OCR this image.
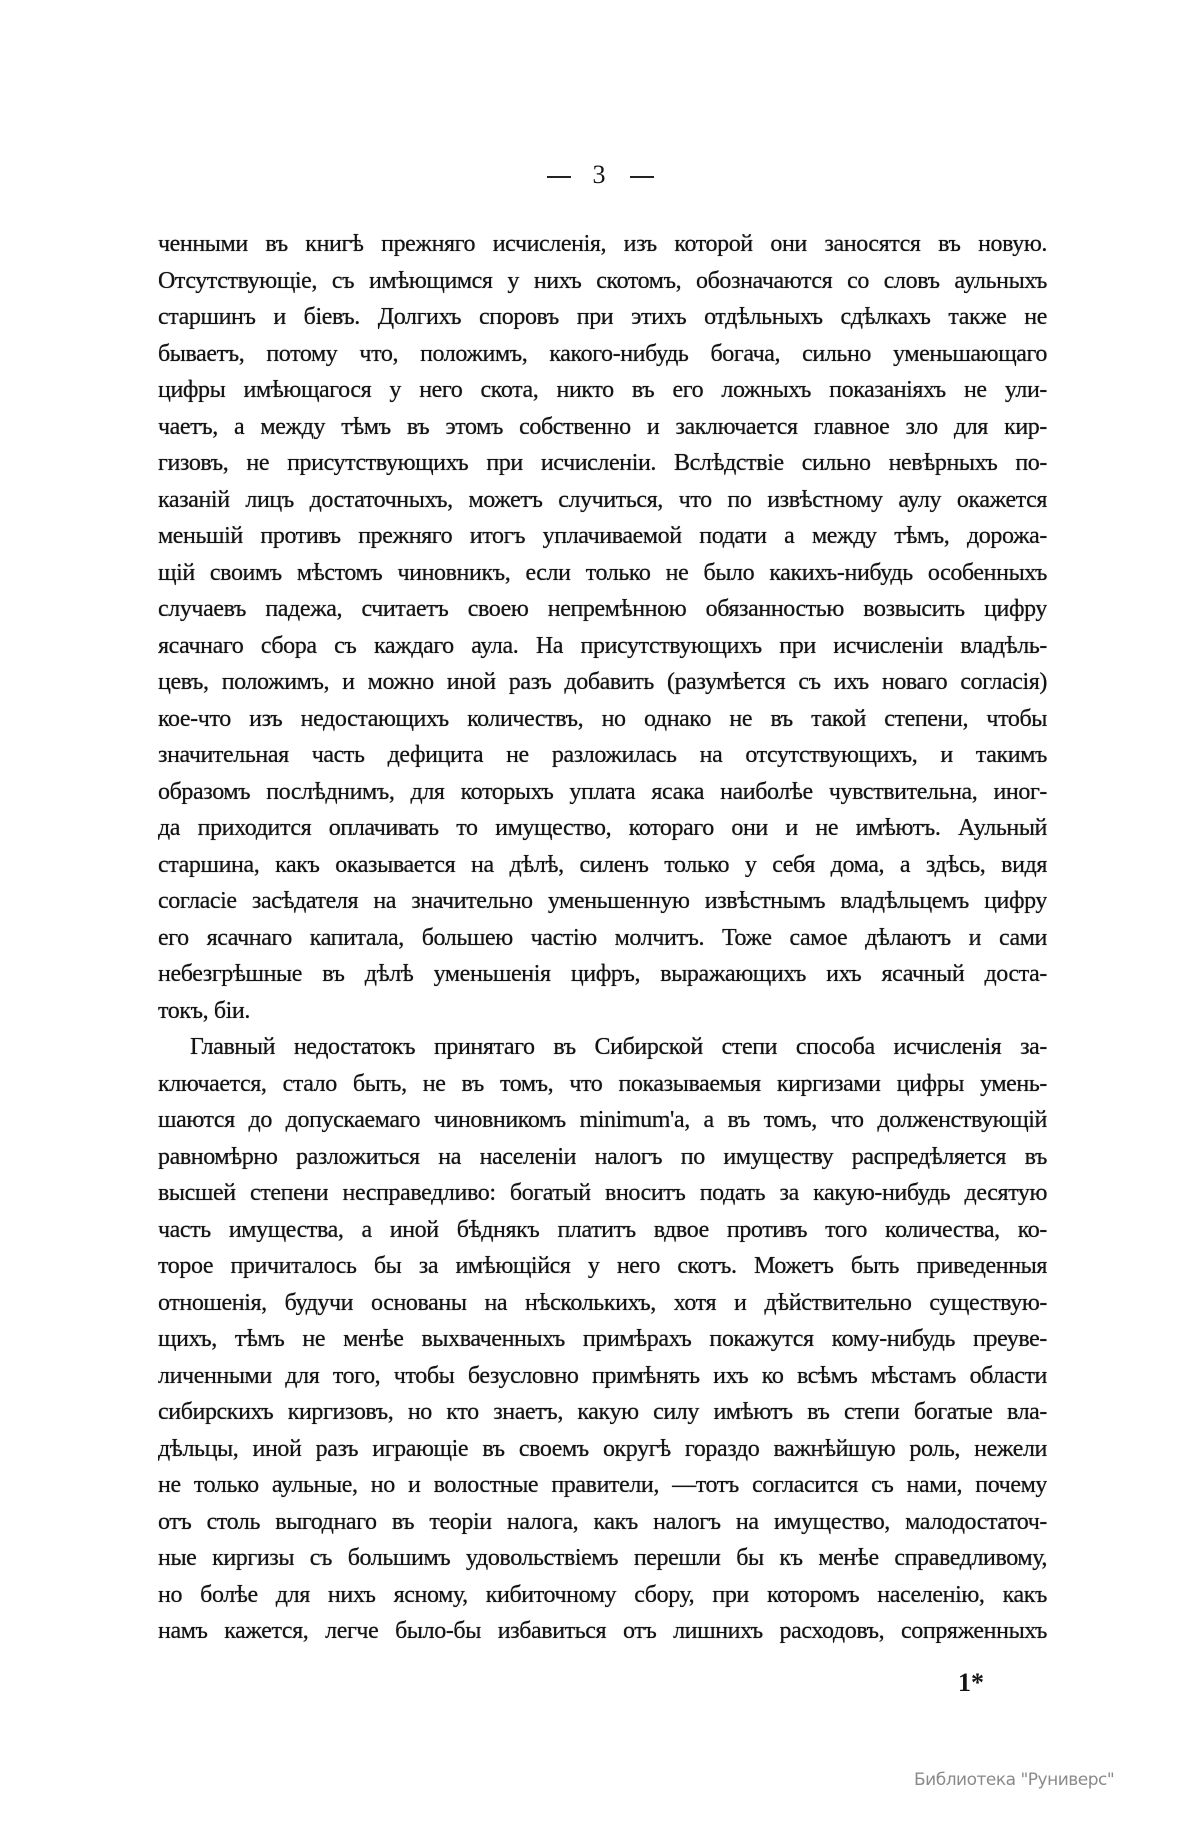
3
ченными въ книгѣ прежняго исчисленія, изъ которой они заносятся въ новую.
Отсутствующіе, съ имѣющимся у нихъ скотомъ, обозначаются со словъ аульныхъ
старшинъ и біевъ. Долгихъ споровъ при этихъ отдѣльныхъ сдѣлкахъ также не
бываетъ, потому что, положимъ, какого-нибудь богача, сильно уменьшающаго
цифры имѣющагося у него скота, никто въ его ложныхъ показаніяхъ не ули-
чаетъ, а между тѣмъ въ этомъ собственно и заключается главное зло для кир-
гизовъ, не присутствующихъ при исчисленіи. Вслѣдствіе сильно невѣрныхъ по-
казаній лицъ достаточныхъ, можетъ случиться, что по извѣстному аулу окажется
меньшій противъ прежняго итогъ уплачиваемой подати а между тѣмъ, дорожа-
щій своимъ мѣстомъ чиновникъ, если только не было какихъ-нибудь особенныхъ
случаевъ падежа, считаетъ своею непремѣнною обязанностью возвысить цифру
ясачнаго сбора съ каждаго аула. На присутствующихъ при исчисленіи владѣль-
цевъ, положимъ, и можно иной разъ добавить (разумѣется съ ихъ новаго согласія)
кое-что изъ недостающихъ количествъ, но однако не въ такой степени, чтобы
значительная часть дефицита не разложилась на отсутствующихъ, и такимъ
образомъ послѣднимъ, для которыхъ уплата ясака наиболѣе чувствительна, иног-
да приходится оплачивать то имущество, котораго они и не имѣютъ. Аульный
старшина, какъ оказывается на дѣлѣ, силенъ только у себя дома, а здѣсь, видя
согласіе засѣдателя на значительно уменьшенную извѣстнымъ владѣльцемъ цифру
его ясачнаго капитала, большею частію молчитъ. Тоже самое дѣлаютъ и сами
небезгрѣшные въ дѣлѣ уменьшенія цифръ, выражающихъ ихъ ясачный доста-
токъ, біи.
Главный недостатокъ принятаго въ Сибирской степи способа исчисленія за-
ключается, стало быть, не въ томъ, что показываемыя киргизами цифры умень-
шаются до допускаемаго чиновникомъ minimum'а, а въ томъ, что долженствующій
равномѣрно разложиться на населеніи налогъ по имуществу распредѣляется въ
высшей степени несправедливо: богатый вноситъ подать за какую-нибудь десятую
часть имущества, а иной бѣднякъ платитъ вдвое противъ того количества, ко-
торое причиталось бы за имѣющійся у него скотъ. Можетъ быть приведенныя
отношенія, будучи основаны на нѣсколькихъ, хотя и дѣйствительно существую-
щихъ, тѣмъ не менѣе выхваченныхъ примѣрахъ покажутся кому-нибудь преуве-
личенными для того, чтобы безусловно примѣнять ихъ ко всѣмъ мѣстамъ области
сибирскихъ киргизовъ, но кто знаетъ, какую силу имѣютъ въ степи богатые вла-
дѣльцы, иной разъ играющіе въ своемъ округѣ гораздо важнѣйшую роль, нежели
не только аульные, но и волостные правители, —тотъ согласится съ нами, почему
отъ столь выгоднаго въ теоріи налога, какъ налогъ на имущество, малодостаточ-
ные киргизы съ большимъ удовольствіемъ перешли бы къ менѣе справедливому,
но болѣе для нихъ ясному, кибиточному сбору, при которомъ населенію, какъ
намъ кажется, легче было-бы избавиться отъ лишнихъ расходовъ, сопряженныхъ
1*
Библиотека "Руниверс"
